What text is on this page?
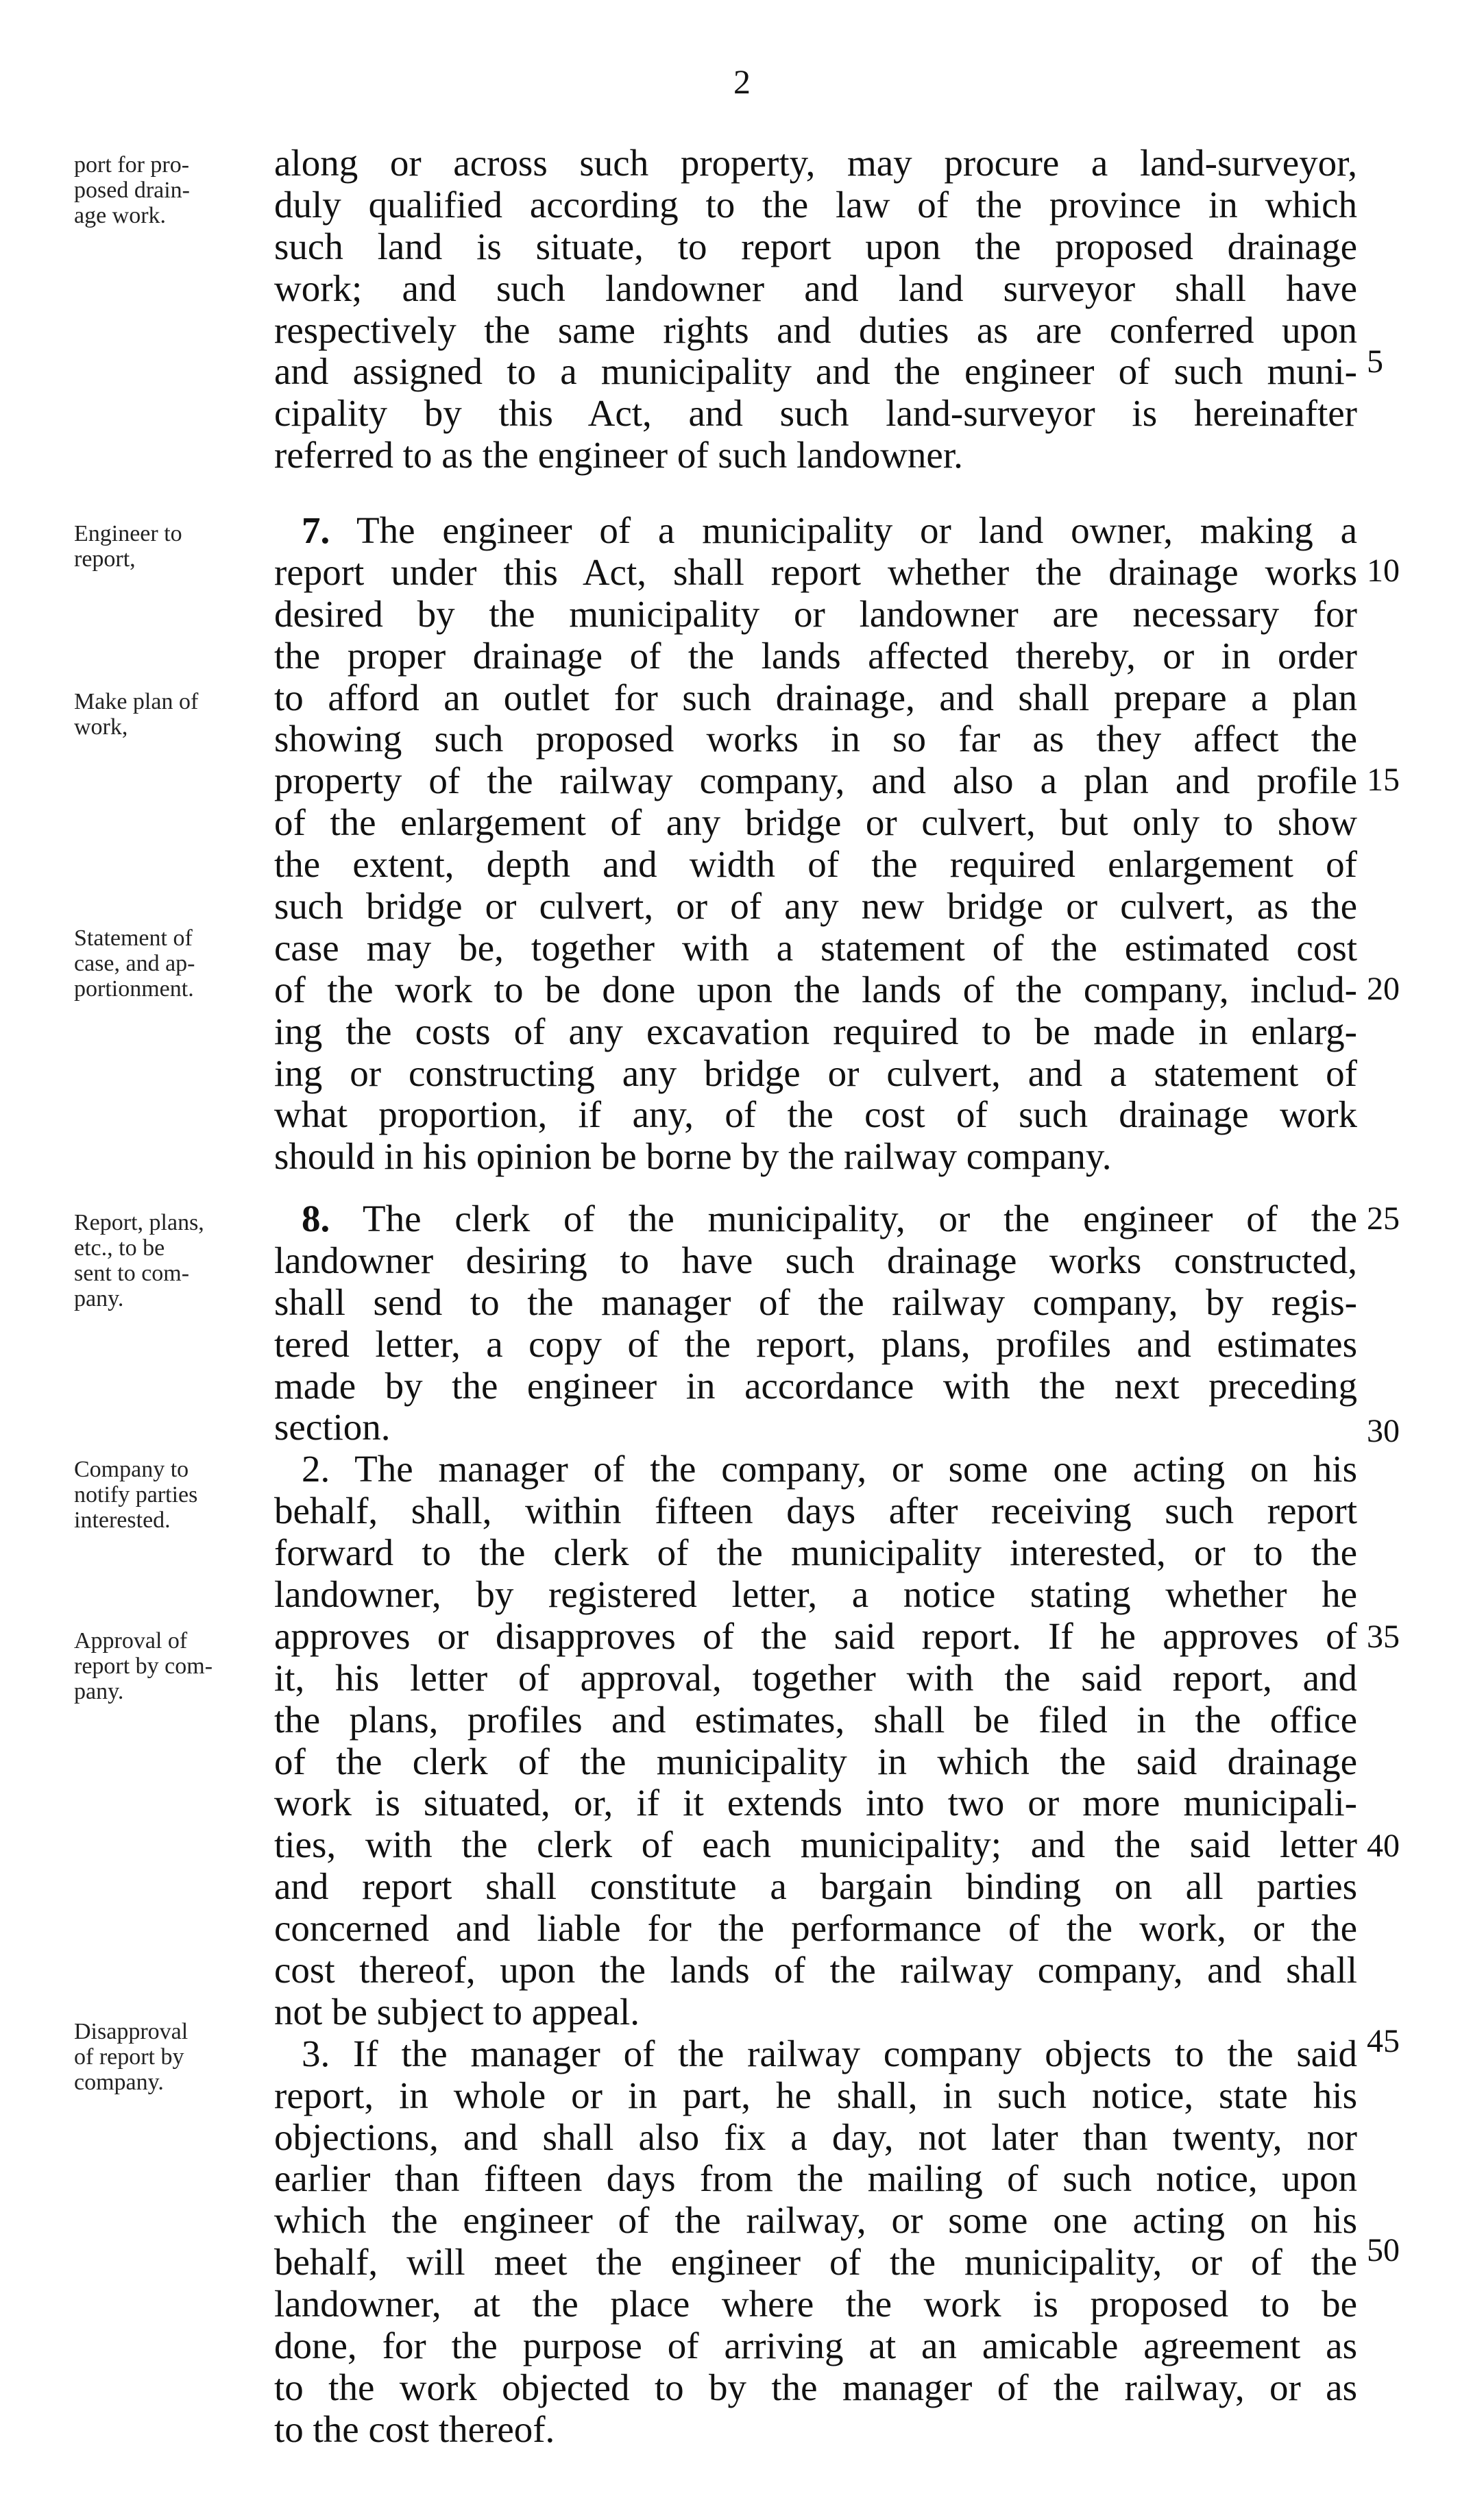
2
port for pro-
posed drain-
age work.
Engineer to
report,
Make plan of
work,
Statement of
case, and ap-
portionment.
Report, plans,
etc., to be
sent to com-
pany.
Company to
notify parties
interested.
Approval of
report by com-
pany.
Disapproval
of report by
company.
along or across such property, may procure a land-surveyor,
duly qualified according to the law of the province in which
such land is situate, to report upon the proposed drainage
work; and such landowner and land surveyor shall have
respectively the same rights and duties as are conferred upon
and assigned to a municipality and the engineer of such muni-
cipality by this Act, and such land-surveyor is hereinafter
referred to as the engineer of such landowner.
7. The engineer of a municipality or land owner, making a
report under this Act, shall report whether the drainage works
desired by the municipality or landowner are necessary for
the proper drainage of the lands affected thereby, or in order
to afford an outlet for such drainage, and shall prepare a plan
showing such proposed works in so far as they affect the
property of the railway company, and also a plan and profile
of the enlargement of any bridge or culvert, but only to show
the extent, depth and width of the required enlargement of
such bridge or culvert, or of any new bridge or culvert, as the
case may be, together with a statement of the estimated cost
of the work to be done upon the lands of the company, includ-
ing the costs of any excavation required to be made in enlarg-
ing or constructing any bridge or culvert, and a statement of
what proportion, if any, of the cost of such drainage work
should in his opinion be borne by the railway company.
8. The clerk of the municipality, or the engineer of the
landowner desiring to have such drainage works constructed,
shall send to the manager of the railway company, by regis-
tered letter, a copy of the report, plans, profiles and estimates
made by the engineer in accordance with the next preceding
section.
2. The manager of the company, or some one acting on his
behalf, shall, within fifteen days after receiving such report
forward to the clerk of the municipality interested, or to the
landowner, by registered letter, a notice stating whether he
approves or disapproves of the said report. If he approves of
it, his letter of approval, together with the said report, and
the plans, profiles and estimates, shall be filed in the office
of the clerk of the municipality in which the said drainage
work is situated, or, if it extends into two or more municipali-
ties, with the clerk of each municipality; and the said letter
and report shall constitute a bargain binding on all parties
concerned and liable for the performance of the work, or the
cost thereof, upon the lands of the railway company, and shall
not be subject to appeal.
3. If the manager of the railway company objects to the said
report, in whole or in part, he shall, in such notice, state his
objections, and shall also fix a day, not later than twenty, nor
earlier than fifteen days from the mailing of such notice, upon
which the engineer of the railway, or some one acting on his
behalf, will meet the engineer of the municipality, or of the
landowner, at the place where the work is proposed to be
done, for the purpose of arriving at an amicable agreement as
to the work objected to by the manager of the railway, or as
to the cost thereof.
5
10
15
20
25
30
35
40
45
50
